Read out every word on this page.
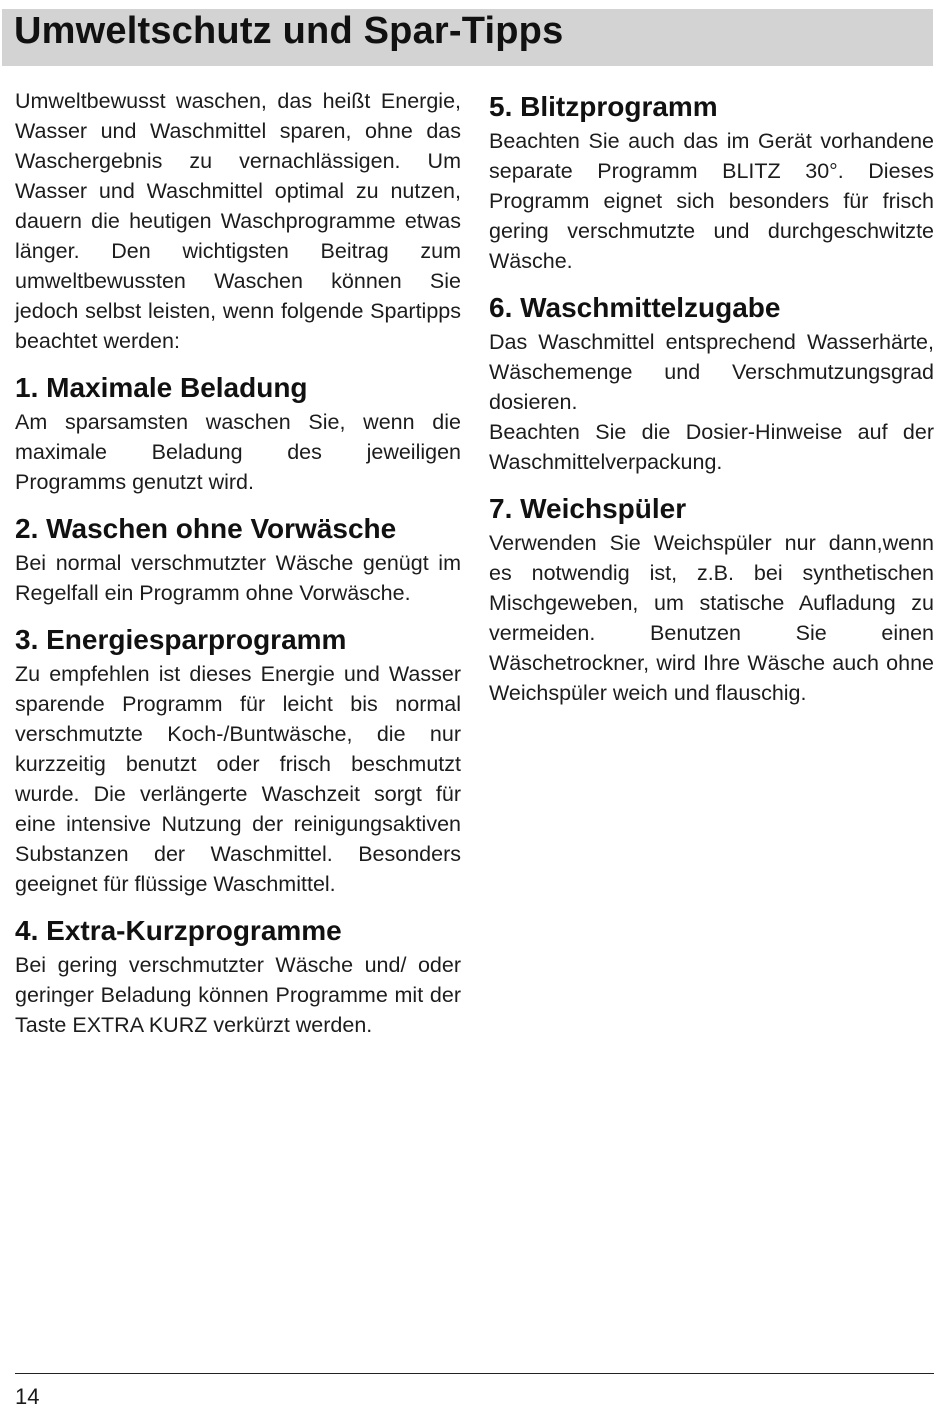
Umweltschutz und Spar-Tipps

Umweltbewusst waschen, das heißt Energie, Wasser und Waschmittel sparen, ohne das Waschergebnis zu vernachlässigen. Um Wasser und Waschmittel optimal zu nutzen, dauern die heutigen Waschprogramme etwas länger. Den wichtigsten Beitrag zum umweltbewussten Waschen können Sie jedoch selbst leisten, wenn folgende Spartipps beachtet werden:

1. Maximale Beladung

Am sparsamsten waschen Sie, wenn die maximale Beladung des jeweiligen Programms genutzt wird.

2. Waschen ohne Vorwäsche

Bei normal verschmutzter Wäsche genügt im Regelfall ein Programm ohne Vorwäsche.

3. Energiesparprogramm

Zu empfehlen ist dieses Energie und Wasser sparende Programm für leicht bis normal verschmutzte Koch-/Buntwäsche, die nur kurzzeitig benutzt oder frisch beschmutzt wurde. Die verlängerte Waschzeit sorgt für eine intensive Nutzung der reinigungsaktiven Substanzen der Waschmittel. Besonders geeignet für flüssige Waschmittel.

4. Extra-Kurzprogramme

Bei gering verschmutzter Wäsche und/ oder geringer Beladung können Programme mit der Taste EXTRA KURZ verkürzt werden.

5. Blitzprogramm

Beachten Sie auch das im Gerät vorhandene separate Programm BLITZ 30°. Dieses Programm eignet sich besonders für frisch gering verschmutzte und durchgeschwitzte Wäsche.

6. Waschmittelzugabe

Das Waschmittel entsprechend Wasserhärte, Wäschemenge und Verschmutzungsgrad dosieren.
Beachten Sie die Dosier-Hinweise auf der Waschmittelverpackung.

7. Weichspüler

Verwenden Sie Weichspüler nur dann,wenn es notwendig ist, z.B. bei synthetischen Mischgeweben, um statische Aufladung zu vermeiden. Benutzen Sie einen Wäschetrockner, wird Ihre Wäsche auch ohne Weichspüler weich und flauschig.

14
